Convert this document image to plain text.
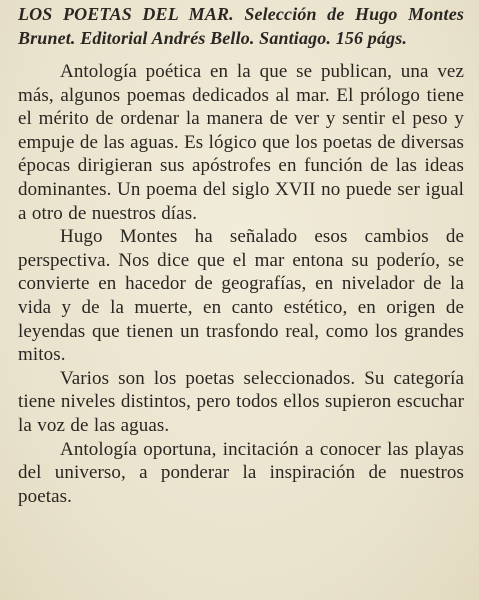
LOS POETAS DEL MAR. Selección de Hugo Montes Brunet. Editorial Andrés Bello. Santiago. 156 págs.

Antología poética en la que se publican, una vez más, algunos poemas dedicados al mar. El prólogo tiene el mérito de ordenar la manera de ver y sentir el peso y empuje de las aguas. Es lógico que los poetas de diversas épocas dirigieran sus apóstrofes en función de las ideas dominantes. Un poema del siglo XVII no puede ser igual a otro de nuestros días.

Hugo Montes ha señalado esos cambios de perspectiva. Nos dice que el mar entona su poderío, se convierte en hacedor de geografías, en nivelador de la vida y de la muerte, en canto estético, en origen de leyendas que tienen un trasfondo real, como los grandes mitos.

Varios son los poetas seleccionados. Su categoría tiene niveles distintos, pero todos ellos supieron escuchar la voz de las aguas.

Antología oportuna, incitación a conocer las playas del universo, a ponderar la inspiración de nuestros poetas.
